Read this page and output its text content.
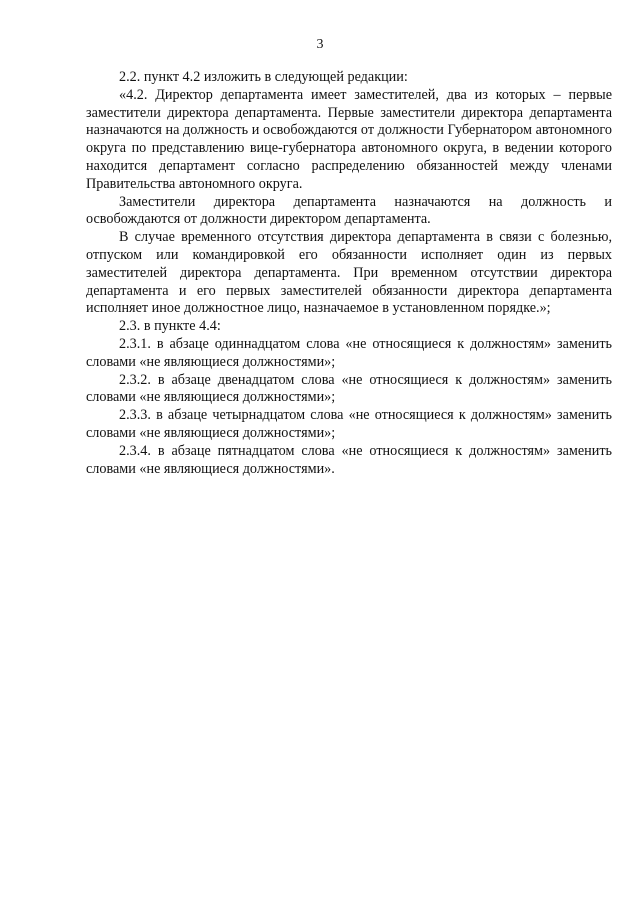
3

2.2. пункт 4.2 изложить в следующей редакции:

«4.2. Директор департамента имеет заместителей, два из которых – первые заместители директора департамента. Первые заместители директора департамента назначаются на должность и освобождаются от должности Губернатором автономного округа по представлению вице-губернатора автономного округа, в ведении которого находится департамент согласно распределению обязанностей между членами Правительства автономного округа.

Заместители директора департамента назначаются на должность и освобождаются от должности директором департамента.

В случае временного отсутствия директора департамента в связи с болезнью, отпуском или командировкой его обязанности исполняет один из первых заместителей директора департамента. При временном отсутствии директора департамента и его первых заместителей обязанности директора департамента исполняет иное должностное лицо, назначаемое в установленном порядке.»;

2.3. в пункте 4.4:

2.3.1. в абзаце одиннадцатом слова «не относящиеся к должностям» заменить словами «не являющиеся должностями»;

2.3.2. в абзаце двенадцатом слова «не относящиеся к должностям» заменить словами «не являющиеся должностями»;

2.3.3. в абзаце четырнадцатом слова «не относящиеся к должностям» заменить словами «не являющиеся должностями»;

2.3.4. в абзаце пятнадцатом слова «не относящиеся к должностям» заменить словами «не являющиеся должностями».
